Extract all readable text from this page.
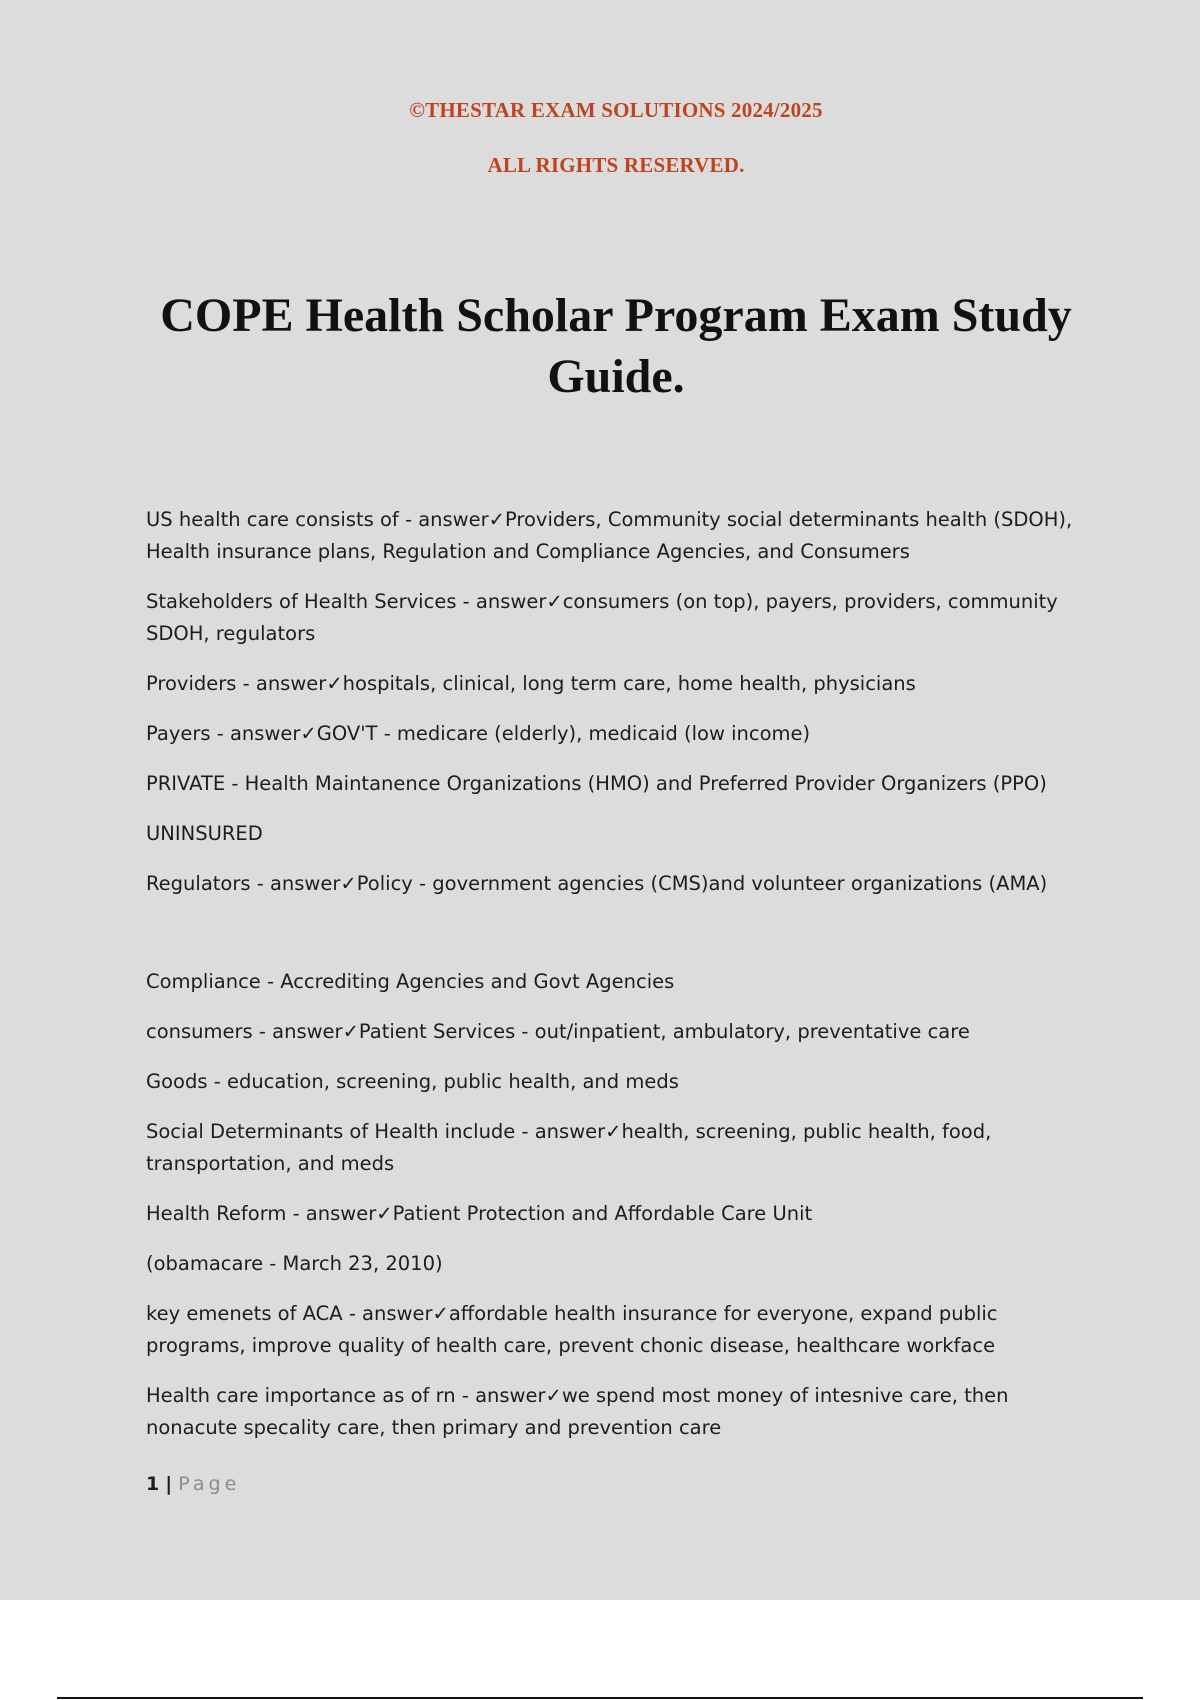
©THESTAR EXAM SOLUTIONS 2024/2025
ALL RIGHTS RESERVED.
COPE Health Scholar Program Exam Study Guide.

US health care consists of - answer✓Providers, Community social determinants health (SDOH), Health insurance plans, Regulation and Compliance Agencies, and Consumers

Stakeholders of Health Services - answer✓consumers (on top), payers, providers, community SDOH, regulators

Providers - answer✓hospitals, clinical, long term care, home health, physicians

Payers - answer✓GOV'T - medicare (elderly), medicaid (low income)

PRIVATE - Health Maintanence Organizations (HMO) and Preferred Provider Organizers (PPO)

UNINSURED

Regulators - answer✓Policy - government agencies (CMS)and volunteer organizations (AMA)

Compliance - Accrediting Agencies and Govt Agencies

consumers - answer✓Patient Services - out/inpatient, ambulatory, preventative care

Goods - education, screening, public health, and meds

Social Determinants of Health include - answer✓health, screening, public health, food, transportation, and meds

Health Reform - answer✓Patient Protection and Affordable Care Unit

(obamacare - March 23, 2010)

key emenets of ACA - answer✓affordable health insurance for everyone, expand public programs, improve quality of health care, prevent chonic disease, healthcare workface

Health care importance as of rn - answer✓we spend most money of intesnive care, then nonacute specality care, then primary and prevention care

1 | Page
